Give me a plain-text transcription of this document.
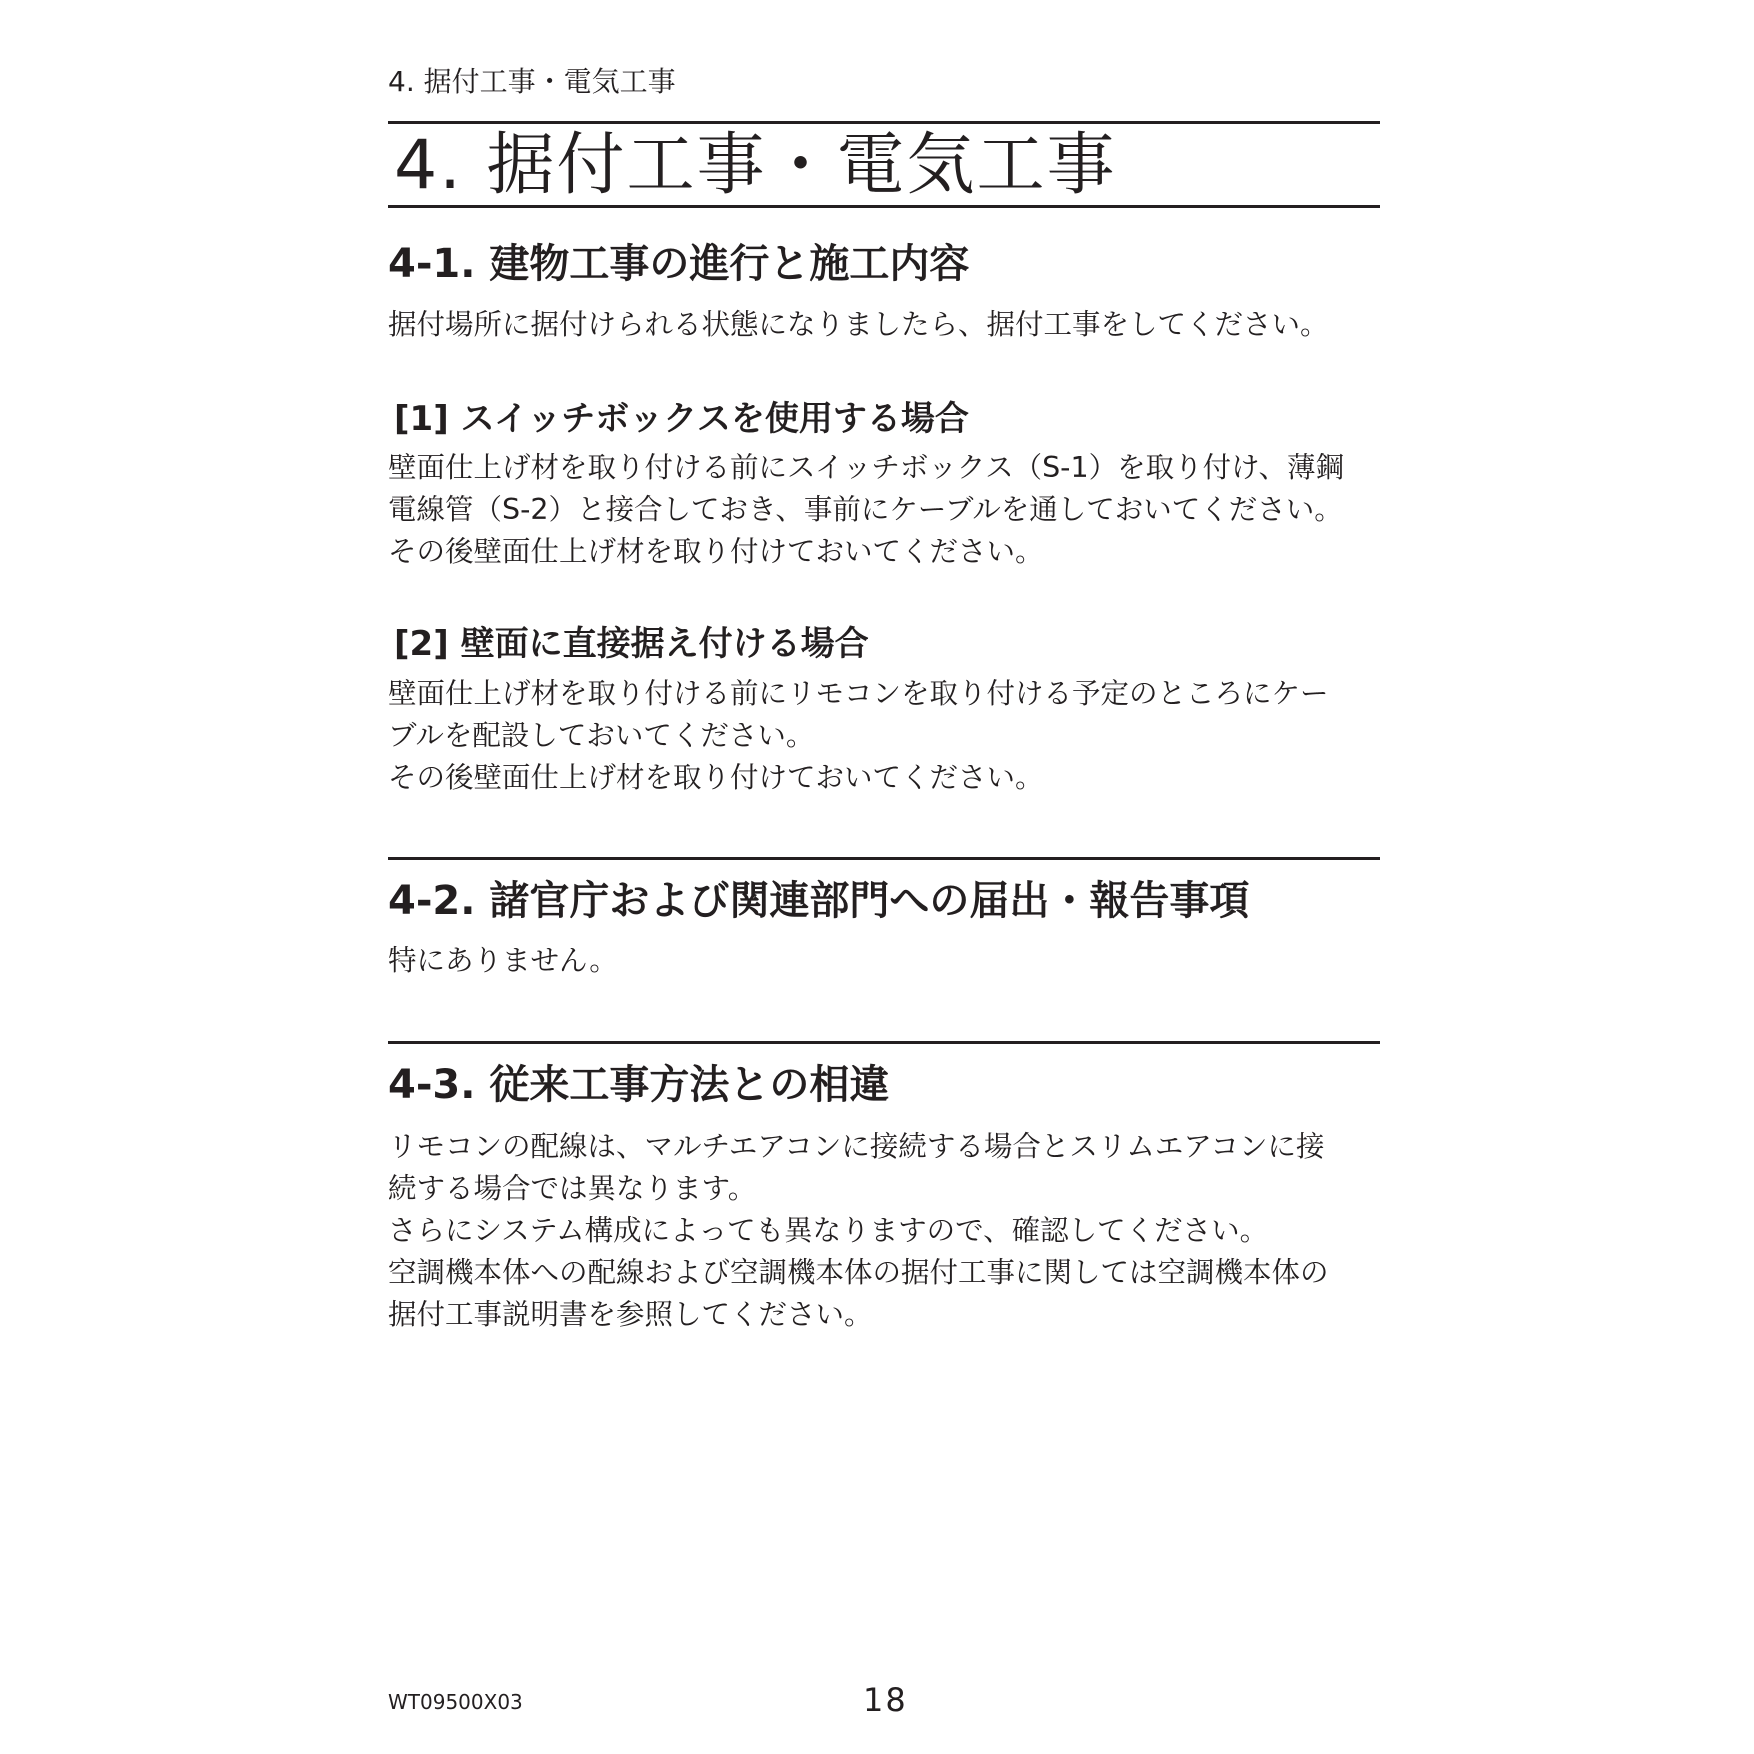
4. 据付工事・電気工事
4. 据付工事・電気工事
4-1. 建物工事の進行と施工内容

据付場所に据付けられる状態になりましたら、据付工事をしてください。

[1] スイッチボックスを使用する場合

壁面仕上げ材を取り付ける前にスイッチボックス（S-1）を取り付け、薄鋼
電線管（S-2）と接合しておき、事前にケーブルを通しておいてください。
その後壁面仕上げ材を取り付けておいてください。

[2] 壁面に直接据え付ける場合

壁面仕上げ材を取り付ける前にリモコンを取り付ける予定のところにケー
ブルを配設しておいてください。
その後壁面仕上げ材を取り付けておいてください。

4-2. 諸官庁および関連部門への届出・報告事項

特にありません。

4-3. 従来工事方法との相違

リモコンの配線は、マルチエアコンに接続する場合とスリムエアコンに接
続する場合では異なります。
さらにシステム構成によっても異なりますので、確認してください。
空調機本体への配線および空調機本体の据付工事に関しては空調機本体の
据付工事説明書を参照してください。

WT09500X03	18
